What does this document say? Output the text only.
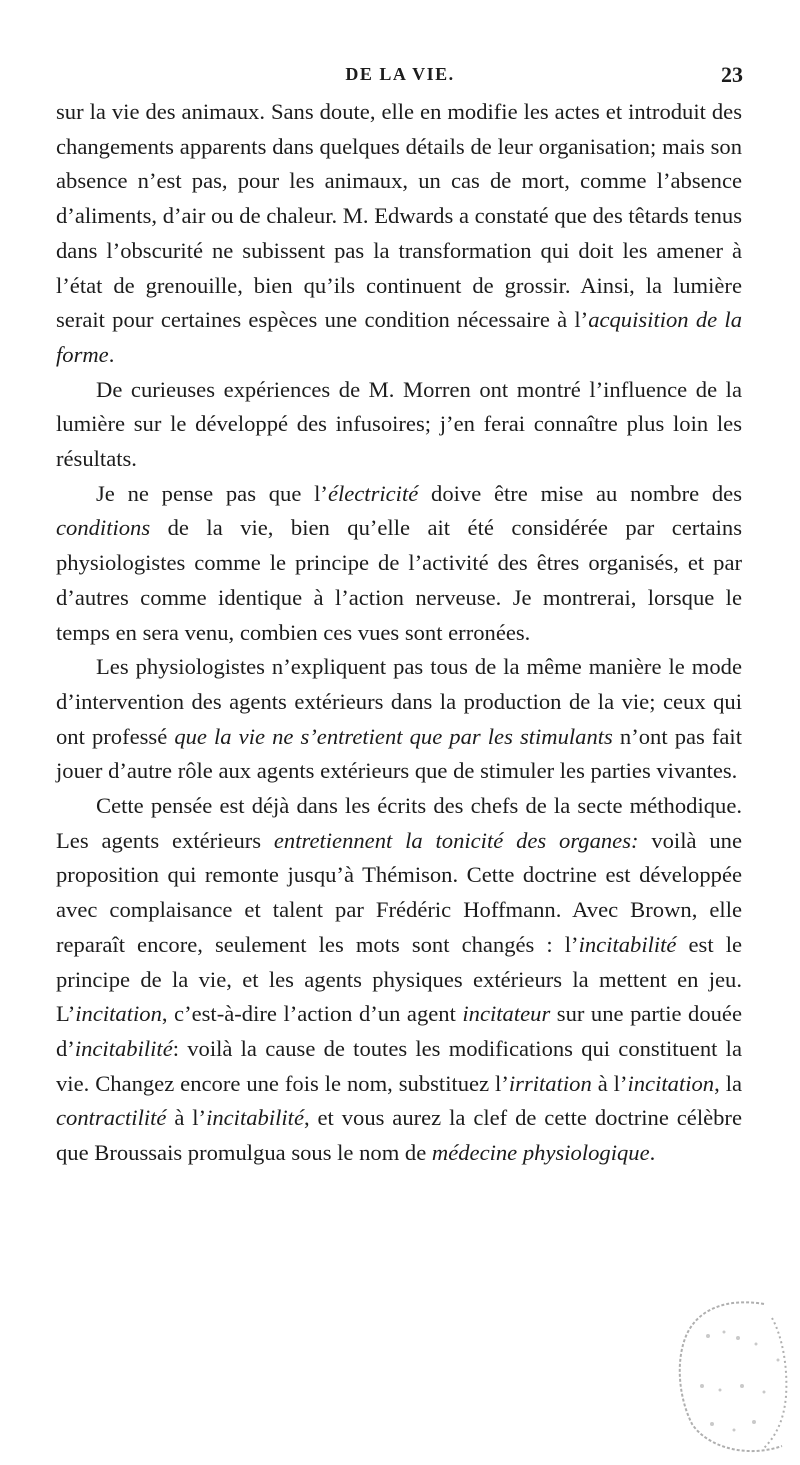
DE LA VIE.	23

sur la vie des animaux. Sans doute, elle en modifie les actes et introduit des changements apparents dans quelques détails de leur organisation; mais son absence n’est pas, pour les animaux, un cas de mort, comme l’absence d’aliments, d’air ou de chaleur. M. Edwards a constaté que des têtards tenus dans l’obscurité ne subissent pas la transformation qui doit les amener à l’état de grenouille, bien qu’ils continuent de grossir. Ainsi, la lumière serait pour certaines espèces une condition nécessaire à l’acquisition de la forme.

De curieuses expériences de M. Morren ont montré l’influence de la lumière sur le développé des infusoires; j’en ferai connaître plus loin les résultats.

Je ne pense pas que l’électricité doive être mise au nombre des conditions de la vie, bien qu’elle ait été considérée par certains physiologistes comme le principe de l’activité des êtres organisés, et par d’autres comme identique à l’action nerveuse. Je montrerai, lorsque le temps en sera venu, combien ces vues sont erronées.

Les physiologistes n’expliquent pas tous de la même manière le mode d’intervention des agents extérieurs dans la production de la vie; ceux qui ont professé que la vie ne s’entretient que par les stimulants n’ont pas fait jouer d’autre rôle aux agents extérieurs que de stimuler les parties vivantes.

Cette pensée est déjà dans les écrits des chefs de la secte méthodique. Les agents extérieurs entretiennent la tonicité des organes: voilà une proposition qui remonte jusqu’à Thémison. Cette doctrine est développée avec complaisance et talent par Frédéric Hoffmann. Avec Brown, elle reparaît encore, seulement les mots sont changés : l’incitabilité est le principe de la vie, et les agents physiques extérieurs la mettent en jeu. L’incitation, c’est-à-dire l’action d’un agent incitateur sur une partie douée d’incitabilité: voilà la cause de toutes les modifications qui constituent la vie. Changez encore une fois le nom, substituez l’irritation à l’incitation, la contractilité à l’incitabilité, et vous aurez la clef de cette doctrine célèbre que Broussais promulgua sous le nom de médecine physiologique.
